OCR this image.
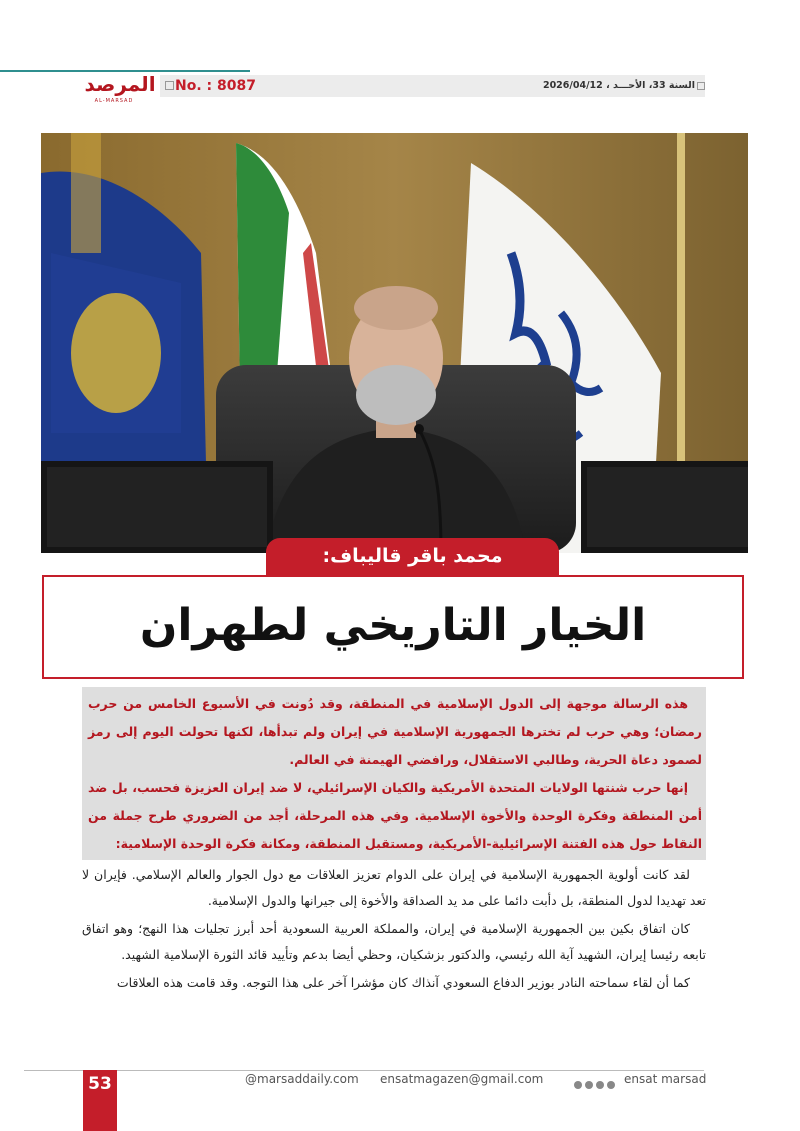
No. : 8087	السنة 33، الأحـــد ، 2026/04/12
المرصد
AL-MARSAD
محمد باقر قاليباف:
الخيار التاريخي لطهران

هذه الرسالة موجهة إلى الدول الإسلامية في المنطقة، وقد دُونت في الأسبوع الخامس من حرب رمضان؛ وهي حرب لم تخترها الجمهورية الإسلامية في إيران ولم تبدأها، لكنها تحولت اليوم إلى رمز لصمود دعاة الحرية، وطالبي الاستقلال، ورافضي الهيمنة في العالم.

إنها حرب شنتها الولايات المتحدة الأمريكية والكيان الإسرائيلي، لا ضد إيران العزيزة فحسب، بل ضد أمن المنطقة وفكرة الوحدة والأخوة الإسلامية. وفي هذه المرحلة، أجد من الضروري طرح جملة من النقاط حول هذه الفتنة الإسرائيلية-الأمريكية، ومستقبل المنطقة، ومكانة فكرة الوحدة الإسلامية:

لقد كانت أولوية الجمهورية الإسلامية في إيران على الدوام تعزيز العلاقات مع دول الجوار والعالم الإسلامي. فإيران لا تعد تهديدا لدول المنطقة، بل دأبت دائما على مد يد الصداقة والأخوة إلى جيرانها والدول الإسلامية.

كان اتفاق بكين بين الجمهورية الإسلامية في إيران، والمملكة العربية السعودية أحد أبرز تجليات هذا النهج؛ وهو اتفاق تابعه رئيسا إيران، الشهيد آية الله رئيسي، والدكتور بزشكيان، وحظي أيضا بدعم وتأييد قائد الثورة الإسلامية الشهيد.

كما أن لقاء سماحته النادر بوزير الدفاع السعودي آنذاك كان مؤشرا آخر على هذا التوجه. وقد قامت هذه العلاقات

53	@marsaddaily.com ensatmagazen@gmail.com	ensat marsad
